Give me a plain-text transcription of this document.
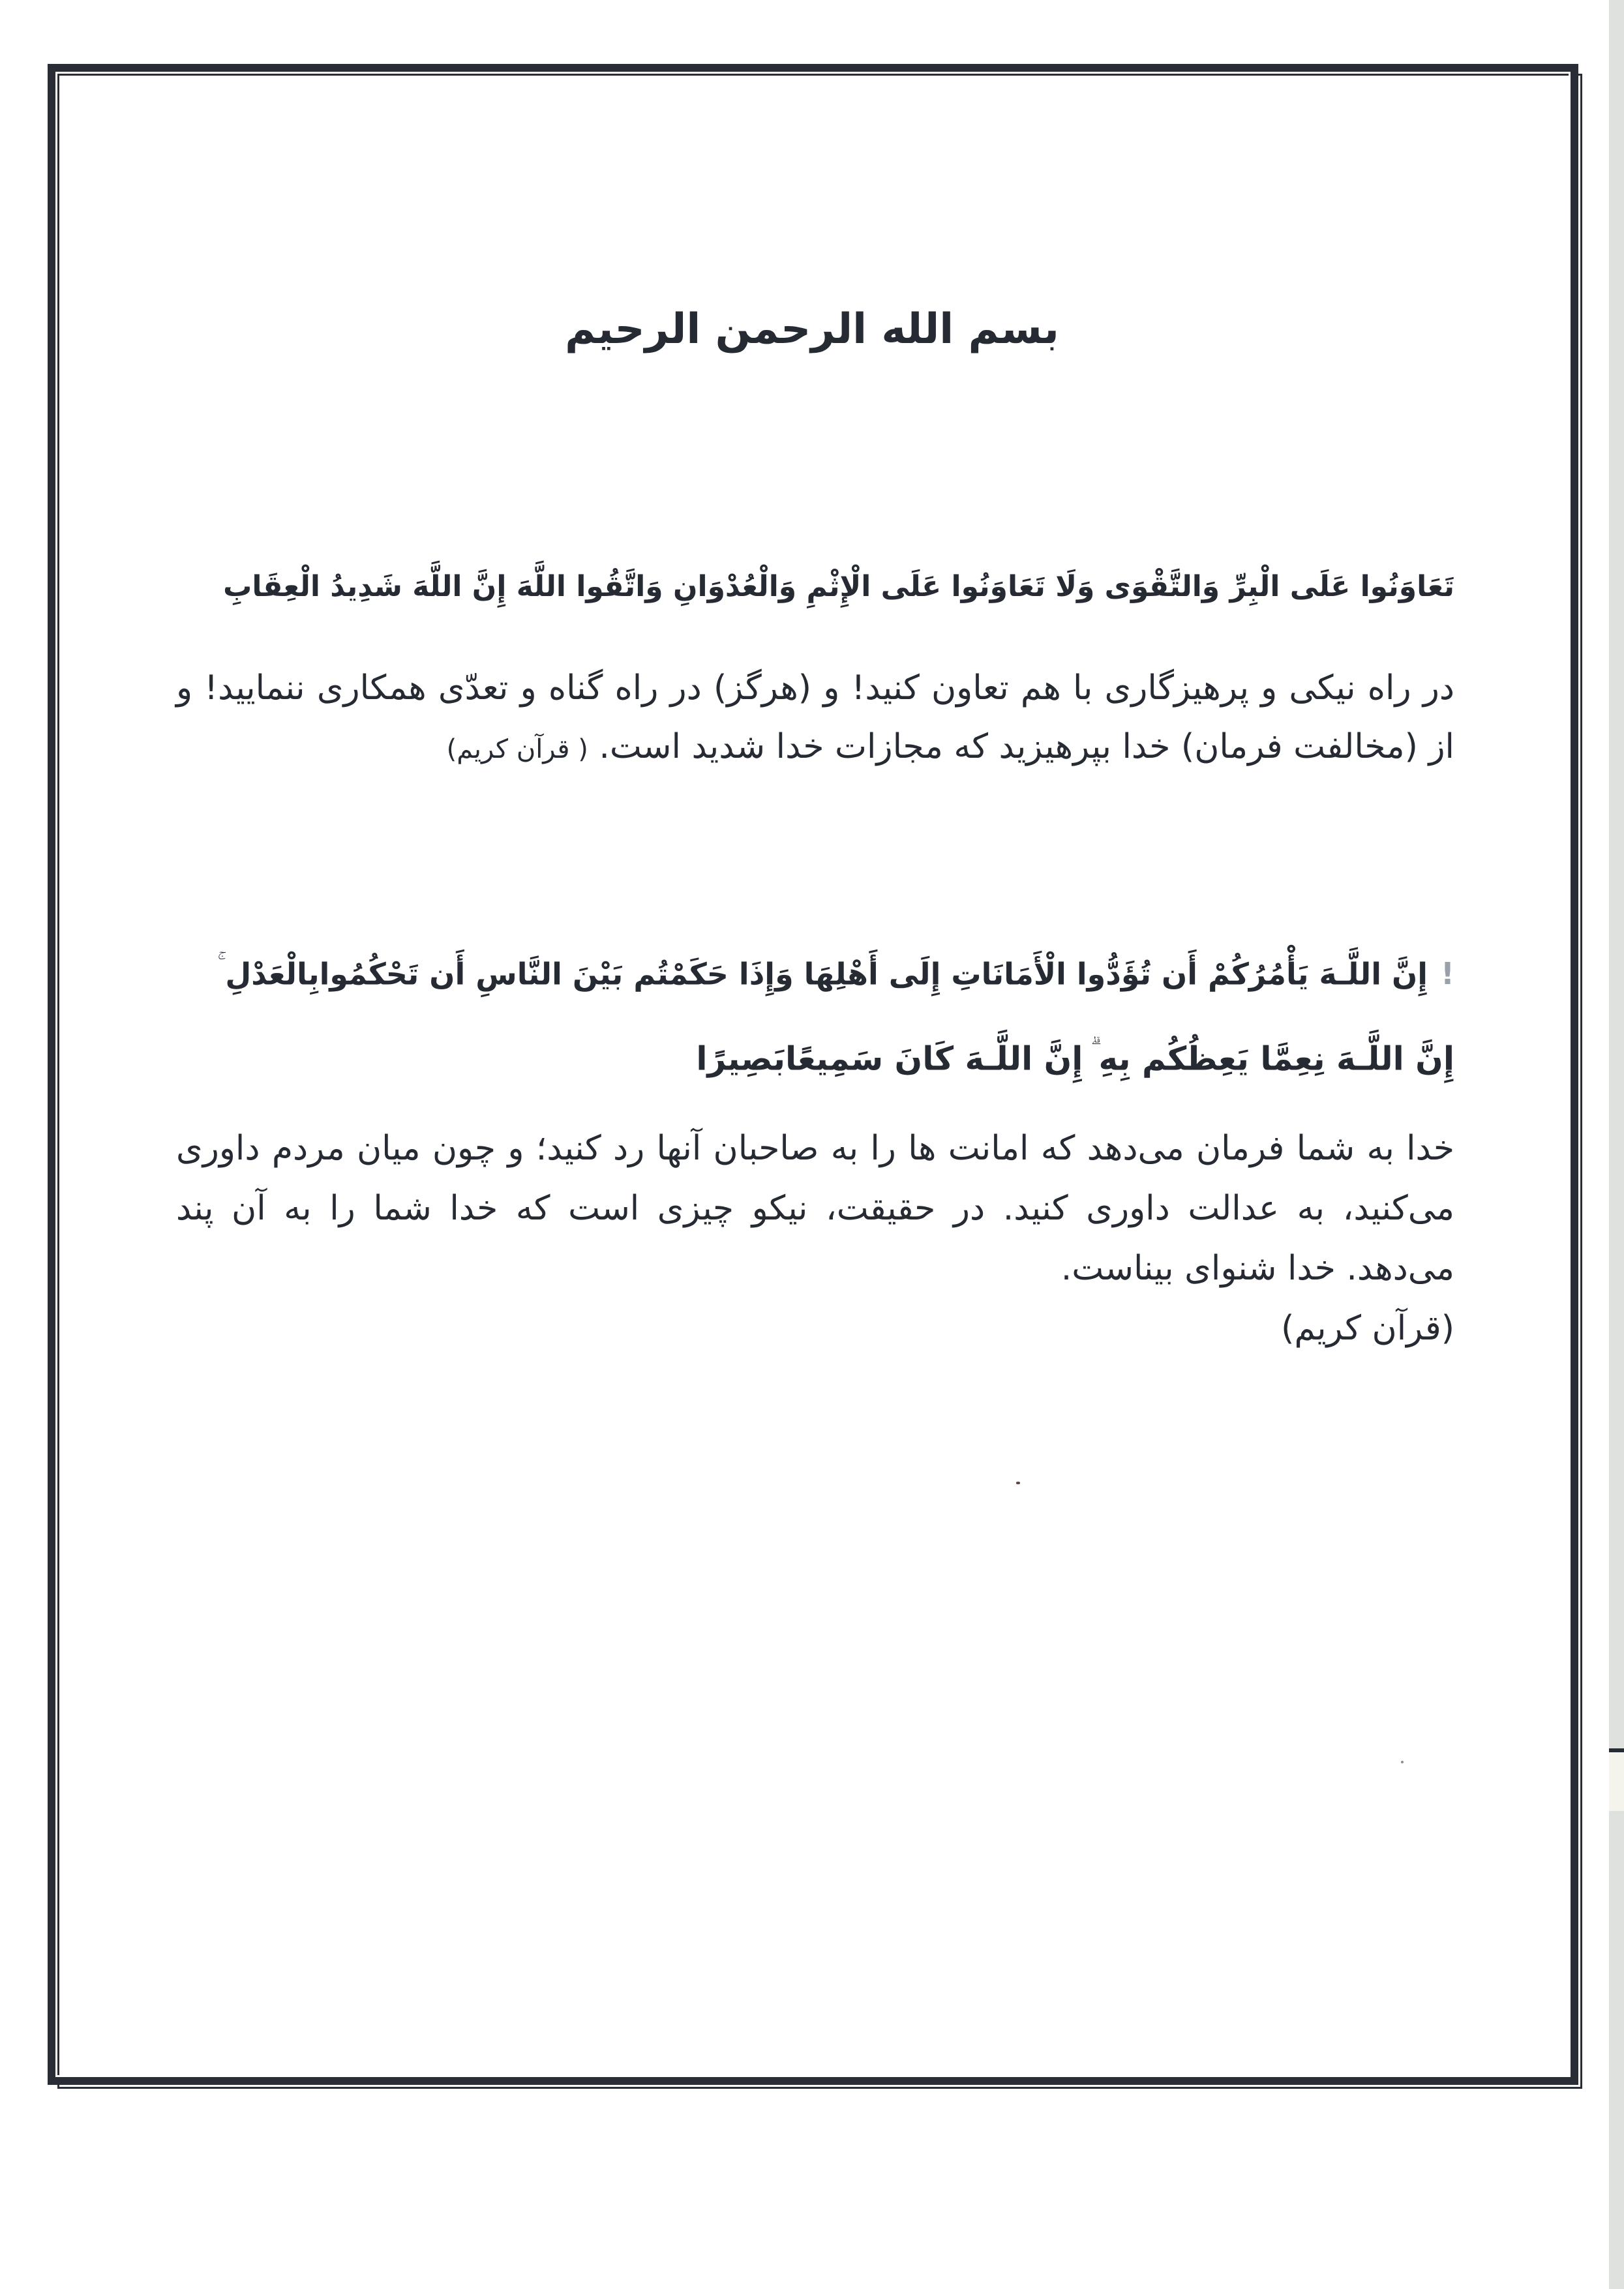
بسم الله الرحمن الرحیم
تَعَاوَنُوا عَلَى الْبِرِّ وَالتَّقْوَى وَلَا تَعَاوَنُوا عَلَى الْإِثْمِ وَالْعُدْوَانِ وَاتَّقُوا اللَّهَ إِنَّ اللَّهَ شَدِيدُ الْعِقَابِ
در راه نیکی و پرهیزگاری با هم تعاون کنید! و (هرگز) در راه گناه و تعدّی همکاری ننمایید! و از (مخالفت فرمان) خدا بپرهیزید که مجازات خدا شدید است. ( قرآن کریم)
!إِنَّ اللَّـهَ يَأْمُرُكُمْ أَن تُؤَدُّوا الْأَمَانَاتِ إِلَى أَهْلِهَا وَإِذَا حَكَمْتُم بَيْنَ النَّاسِ أَن تَحْكُمُوابِالْعَدْلِ
إِنَّ اللَّـهَ نِعِمَّا يَعِظُكُم بِهِإِنَّ اللَّـهَ كَانَ سَمِيعًابَصِيرًا
خدا به شما فرمان می‌دهد که امانت ها را به صاحبان آنها رد کنید؛ و چون میان مردم داوری می‌کنید، به عدالت داوری کنید. در حقیقت، نیکو چیزی است که خدا شما را به آن پند می‌دهد. خدا شنوای بیناست.
(قرآن کریم)
